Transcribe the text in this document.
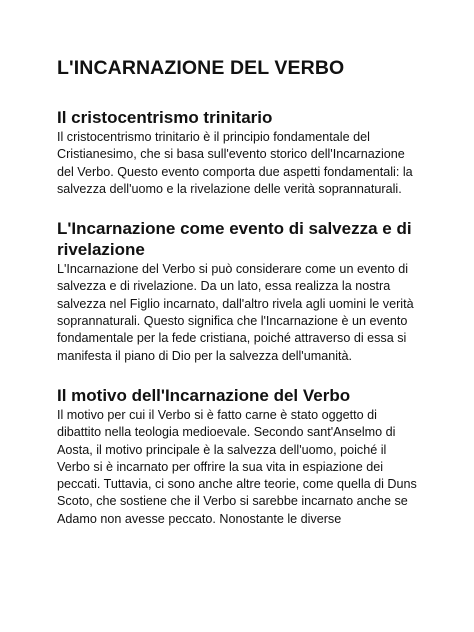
L'INCARNAZIONE DEL VERBO
Il cristocentrismo trinitario

Il cristocentrismo trinitario è il principio fondamentale del Cristianesimo, che si basa sull'evento storico dell'Incarnazione del Verbo. Questo evento comporta due aspetti fondamentali: la salvezza dell'uomo e la rivelazione delle verità soprannaturali.

L'Incarnazione come evento di salvezza e di rivelazione

L'Incarnazione del Verbo si può considerare come un evento di salvezza e di rivelazione. Da un lato, essa realizza la nostra salvezza nel Figlio incarnato, dall'altro rivela agli uomini le verità soprannaturali. Questo significa che l'Incarnazione è un evento fondamentale per la fede cristiana, poiché attraverso di essa si manifesta il piano di Dio per la salvezza dell'umanità.

Il motivo dell'Incarnazione del Verbo

Il motivo per cui il Verbo si è fatto carne è stato oggetto di dibattito nella teologia medioevale. Secondo sant'Anselmo di Aosta, il motivo principale è la salvezza dell'uomo, poiché il Verbo si è incarnato per offrire la sua vita in espiazione dei peccati. Tuttavia, ci sono anche altre teorie, come quella di Duns Scoto, che sostiene che il Verbo si sarebbe incarnato anche se Adamo non avesse peccato. Nonostante le diverse
